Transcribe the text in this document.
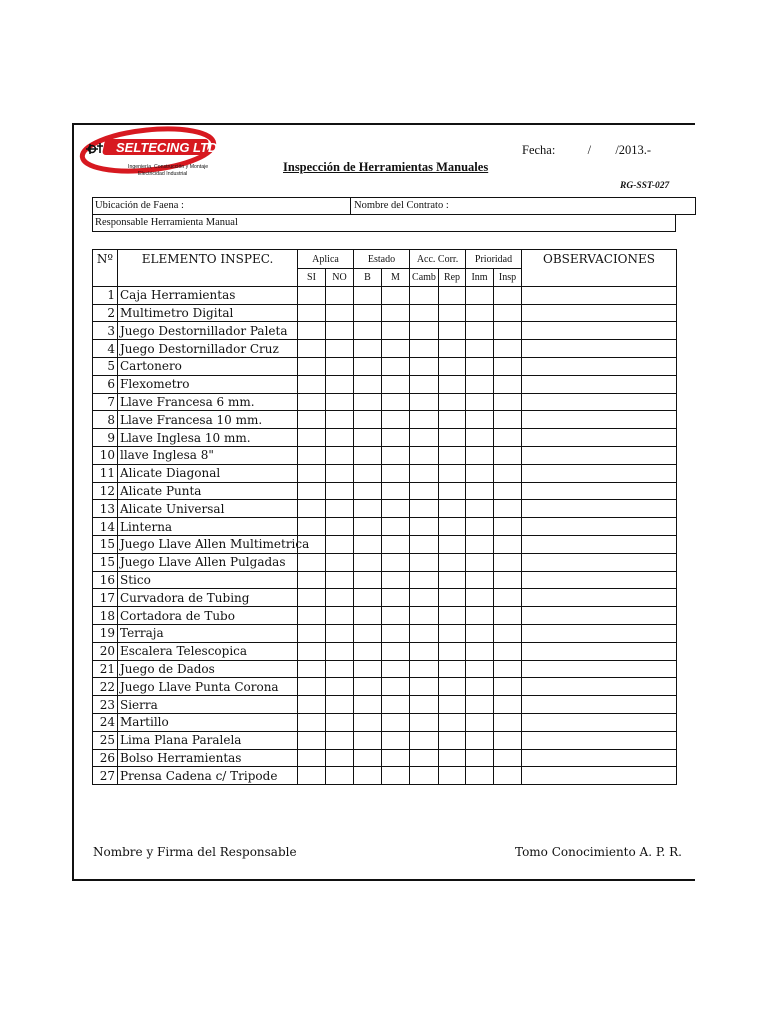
SELTECING LTDA.
Ingeniería, Construcción y Montaje
Electricidad Industrial
Fecha:	/ /2013.-
Inspección de Herramientas Manuales
RG-SST-027
Ubicación de Faena :	Nombre del Contrato :
Responsable Herramienta Manual
Nº	ELEMENTO INSPEC.	Aplica		Estado		Acc. Corr.		Prioridad		OBSERVACIONES
		SI	NO	B	M	Camb	Rep	Inm	Insp	
1	Caja Herramientas									
2	Multimetro Digital									
3	Juego Destornillador Paleta									
4	Juego Destornillador Cruz									
5	Cartonero									
6	Flexometro									
7	Llave Francesa 6 mm.									
8	Llave Francesa 10 mm.									
9	Llave Inglesa 10 mm.									
10	llave Inglesa 8"									
11	Alicate Diagonal									
12	Alicate Punta									
13	Alicate Universal									
14	Linterna									
15	Juego Llave Allen Multimetrica									
15	Juego Llave Allen Pulgadas									
16	Stico									
17	Curvadora de Tubing									
18	Cortadora de Tubo									
19	Terraja									
20	Escalera Telescopica									
21	Juego de Dados									
22	Juego Llave Punta Corona									
23	Sierra									
24	Martillo									
25	Lima Plana Paralela									
26	Bolso Herramientas									
27	Prensa Cadena c/ Tripode									
Nombre y Firma del Responsable	Tomo Conocimiento A. P. R.
